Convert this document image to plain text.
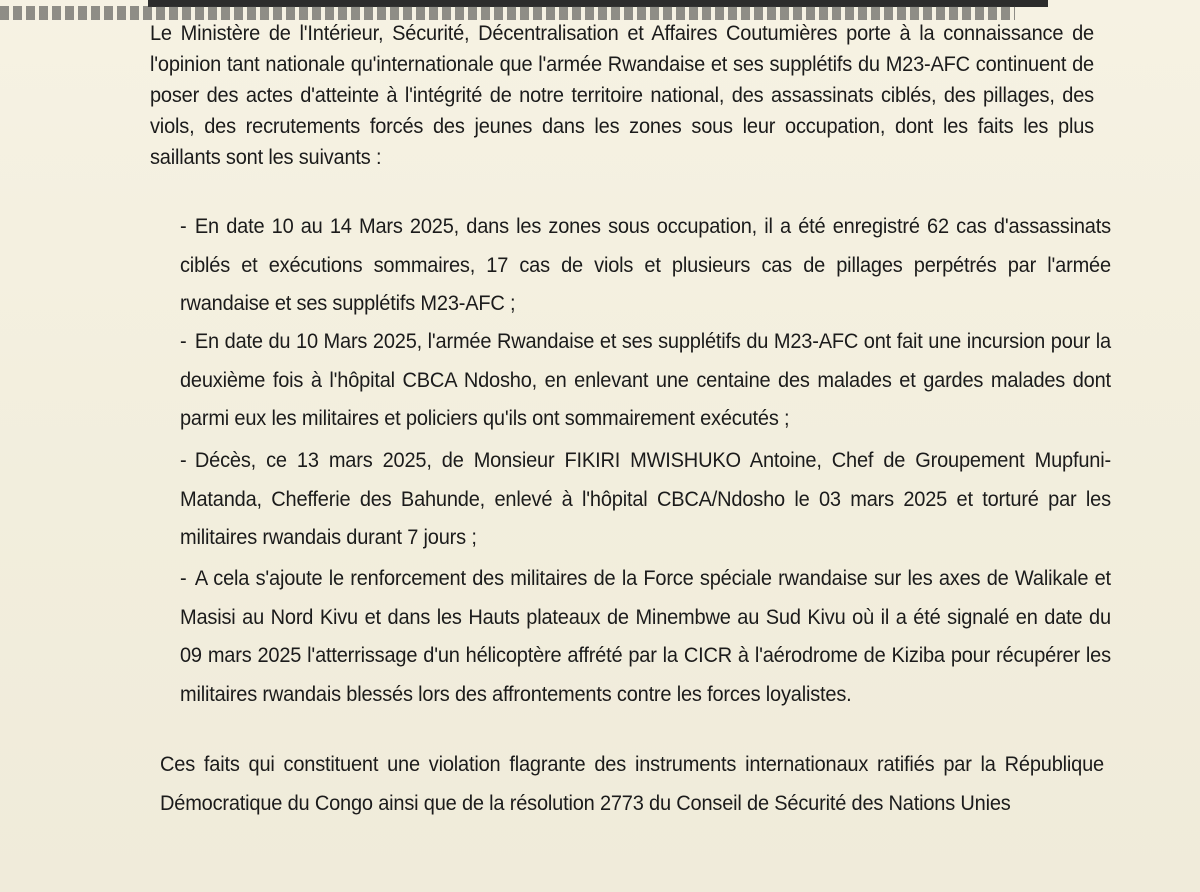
Le Ministère de l'Intérieur, Sécurité, Décentralisation et Affaires Coutumières porte à la connaissance de l'opinion tant nationale qu'internationale que l'armée Rwandaise et ses supplétifs du M23-AFC continuent de poser des actes d'atteinte à l'intégrité de notre territoire national, des assassinats ciblés, des pillages, des viols, des recrutements forcés des jeunes dans les zones sous leur occupation, dont les faits les plus saillants sont les suivants :

- En date 10 au 14 Mars 2025, dans les zones sous occupation, il a été enregistré 62 cas d'assassinats ciblés et exécutions sommaires, 17 cas de viols et plusieurs cas de pillages perpétrés par l'armée rwandaise et ses supplétifs M23-AFC ;

- En date du 10 Mars 2025, l'armée Rwandaise et ses supplétifs du M23-AFC ont fait une incursion pour la deuxième fois à l'hôpital CBCA Ndosho, en enlevant une centaine des malades et gardes malades dont parmi eux les militaires et policiers qu'ils ont sommairement exécutés ;

- Décès, ce 13 mars 2025, de Monsieur FIKIRI MWISHUKO Antoine, Chef de Groupement Mupfuni-Matanda, Chefferie des Bahunde, enlevé à l'hôpital CBCA/Ndosho le 03 mars 2025 et torturé par les militaires rwandais durant 7 jours ;

- A cela s'ajoute le renforcement des militaires de la Force spéciale rwandaise sur les axes de Walikale et Masisi au Nord Kivu et dans les Hauts plateaux de Minembwe au Sud Kivu où il a été signalé en date du 09 mars 2025 l'atterrissage d'un hélicoptère affrété par la CICR à l'aérodrome de Kiziba pour récupérer les militaires rwandais blessés lors des affrontements contre les forces loyalistes.

Ces faits qui constituent une violation flagrante des instruments internationaux ratifiés par la République Démocratique du Congo ainsi que de la résolution 2773 du Conseil de Sécurité des Nations Unies
